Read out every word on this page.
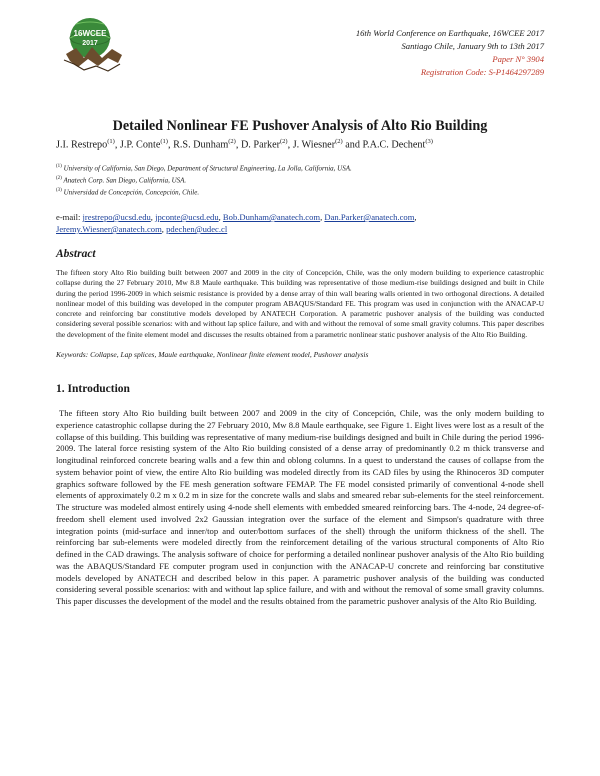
16WCEE
2017
16th World Conference on Earthquake, 16WCEE 2017
Santiago Chile, January 9th to 13th 2017
Paper N° 3904
Registration Code: S-P1464297289
Detailed Nonlinear FE Pushover Analysis of Alto Rio Building
J.I. Restrepo$^{(1)}$, J.P. Conte$^{(1)}$, R.S. Dunham$^{(2)}$, D. Parker$^{(2)}$, J. Wiesner$^{(2)}$ and P.A.C. Dechent$^{(3)}$
$^{(1)}$ University of California, San Diego, Department of Structural Engineering, La Jolla, California, USA.
$^{(2)}$ Anatech Corp. San Diego, California, USA.
$^{(3)}$ Universidad de Concepción, Concepción, Chile.
e-mail: jrestrepo@ucsd.edu, jpconte@ucsd.edu, Bob.Dunham@anatech.com, Dan.Parker@anatech.com,
Jeremy.Wiesner@anatech.com, pdechen@udec.cl
Abstract
The fifteen story Alto Rio building built between 2007 and 2009 in the city of Concepción, Chile, was the only modern building to experience catastrophic collapse during the 27 February 2010, Mw 8.8 Maule earthquake. This building was representative of those medium-rise buildings designed and built in Chile during the period 1996-2009 in which seismic resistance is provided by a dense array of thin wall bearing walls oriented in two orthogonal directions. A detailed nonlinear model of this building was developed in the computer program ABAQUS/Standard FE. This program was used in conjunction with the ANACAP-U concrete and reinforcing bar constitutive models developed by ANATECH Corporation. A parametric pushover analysis of the building was conducted considering several possible scenarios: with and without lap splice failure, and with and without the removal of some small gravity columns. This paper describes the development of the finite element model and discusses the results obtained from a parametric nonlinear static pushover analysis of the Alto Rio Building.
Keywords: Collapse, Lap splices, Maule earthquake, Nonlinear finite element model, Pushover analysis
1. Introduction
The fifteen story Alto Rio building built between 2007 and 2009 in the city of Concepción, Chile, was the only modern building to experience catastrophic collapse during the 27 February 2010, Mw 8.8 Maule earthquake, see Figure 1. Eight lives were lost as a result of the collapse of this building. This building was representative of many medium-rise buildings designed and built in Chile during the period 1996-2009. The lateral force resisting system of the Alto Rio building consisted of a dense array of predominantly 0.2 m thick transverse and longitudinal reinforced concrete bearing walls and a few thin and oblong columns. In a quest to understand the causes of collapse from the system behavior point of view, the entire Alto Rio building was modeled directly from its CAD files by using the Rhinoceros 3D computer graphics software followed by the FE mesh generation software FEMAP. The FE model consisted primarily of conventional 4-node shell elements of approximately 0.2 m x 0.2 m in size for the concrete walls and slabs and smeared rebar sub-elements for the steel reinforcement. The structure was modeled almost entirely using 4-node shell elements with embedded smeared reinforcing bars. The 4-node, 24 degree-of-freedom shell element used involved 2x2 Gaussian integration over the surface of the element and Simpson's quadrature with three integration points (mid-surface and inner/top and outer/bottom surfaces of the shell) through the uniform thickness of the shell. The reinforcing bar sub-elements were modeled directly from the reinforcement detailing of the various structural components of Alto Rio defined in the CAD drawings. The analysis software of choice for performing a detailed nonlinear pushover analysis of the Alto Rio building was the ABAQUS/Standard FE computer program used in conjunction with the ANACAP-U concrete and reinforcing bar constitutive models developed by ANATECH and described below in this paper. A parametric pushover analysis of the building was conducted considering several possible scenarios: with and without lap splice failure, and with and without the removal of some small gravity columns. This paper discusses the development of the model and the results obtained from the parametric pushover analysis of the Alto Rio Building.
